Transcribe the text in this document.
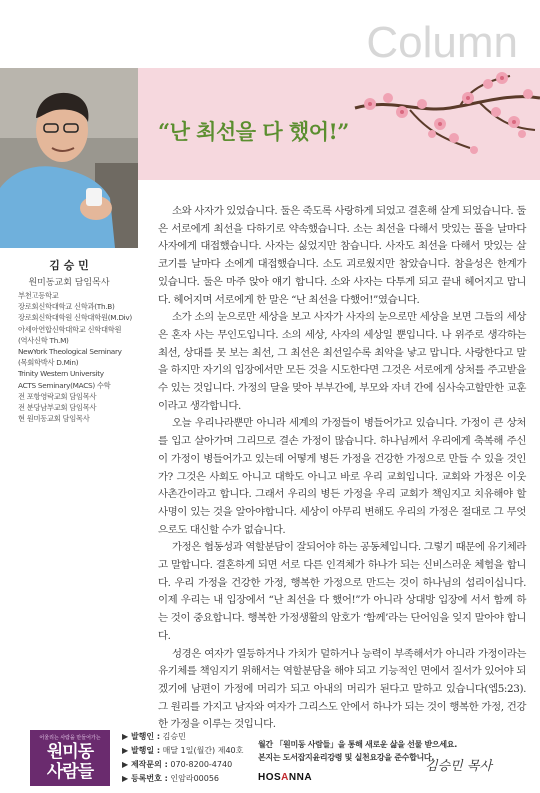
Column
“난 최선을 다 했어!”
김 승 민
원미동교회 담임목사
부천고등학교
장로회신학대학교 신학과(Th.B)
장로회신학대학원 신학대학원(M.Div)
아세아연합신학대학교 신학대학원
(역사신학 Th.M)
NewYork Theological Seminary
(목회학박사 D.Min)
Trinity Western University
ACTS Seminary(MACS) 수학
전 포항영락교회 담임목사
전 분당남부교회 담임목사
현 원미동교회 담임목사

소와 사자가 있었습니다. 둘은 죽도록 사랑하게 되었고 결혼해 살게 되었습니다. 둘은 서로에게 최선을 다하기로 약속했습니다. 소는 최선을 다해서 맛있는 풀을 날마다 사자에게 대접했습니다. 사자는 싫었지만 참습니다. 사자도 최선을 다해서 맛있는 살코기를 날마다 소에게 대접했습니다. 소도 괴로웠지만 참았습니다. 참을성은 한계가 있습니다. 둘은 마주 앉아 얘기 합니다. 소와 사자는 다투게 되고 끝내 헤어지고 맙니다. 헤어지며 서로에게 한 말은 “난 최선을 다했어!”였습니다.

소가 소의 눈으로만 세상을 보고 사자가 사자의 눈으로만 세상을 보면 그들의 세상은 혼자 사는 무인도입니다. 소의 세상, 사자의 세상일 뿐입니다. 나 위주로 생각하는 최선, 상대를 못 보는 최선, 그 최선은 최선일수록 최악을 낳고 맙니다. 사랑한다고 말을 하지만 자기의 입장에서만 모든 것을 시도한다면 그것은 서로에게 상처를 주고받을 수 있는 것입니다. 가정의 달을 맞아 부부간에, 부모와 자녀 간에 심사숙고할만한 교훈이라고 생각합니다.

오늘 우리나라뿐만 아니라 세계의 가정들이 병들어가고 있습니다. 가정이 큰 상처를 입고 살아가며 그리므로 결손 가정이 많습니다. 하나님께서 우리에게 축복해 주신 이 가정이 병들어가고 있는데 어떻게 병든 가정을 건강한 가정으로 만들 수 있을 것인가? 그것은 사회도 아니고 대학도 아니고 바로 우리 교회입니다. 교회와 가정은 이웃 사촌간이라고 합니다. 그래서 우리의 병든 가정을 우리 교회가 책임지고 치유해야 할 사명이 있는 것을 알아야합니다. 세상이 아무리 변해도 우리의 가정은 절대로 그 무엇으로도 대신할 수가 없습니다.

가정은 협동성과 역할분담이 잘되어야 하는 공동체입니다. 그렇기 때문에 유기체라고 말합니다. 결혼하게 되면 서로 다른 인격체가 하나가 되는 신비스러운 체험을 합니다. 우리 가정을 건강한 가정, 행복한 가정으로 만드는 것이 하나님의 섭리이십니다. 이제 우리는 내 입장에서 “난 최선을 다 했어!”가 아니라 상대방 입장에 서서 함께 하는 것이 중요합니다. 행복한 가정생활의 암호가 ‘함께’라는 단어임을 잊지 말아야 합니다.

성경은 여자가 열등하거나 가치가 덜하거나 능력이 부족해서가 아니라 가정이라는 유기체를 책임지기 위해서는 역할분담을 해야 되고 기능적인 면에서 질서가 있어야 되겠기에 남편이 가정에 머리가 되고 아내의 머리가 된다고 말하고 있습니다(엡5:23). 그 원리를 가지고 남자와 여자가 그리스도 안에서 하나가 되는 것이 행복한 가정, 건강한 가정을 이루는 것입니다.

김승민 목사
어울리는 사람을 만들어가는
원미동
사람들
▶ 발행인 : 김승민
▶ 발행일 : 매달 1일(월간) 제40호
▶ 제작문의 : 070-8200-4740
▶ 등록번호 : 인암라00056
월간 「원미동 사람들」을 통해 새로운 삶을 선물 받으세요.
본지는 도서잡지윤리강령 및 실천요강을 준수합니다.
HOSANNA
